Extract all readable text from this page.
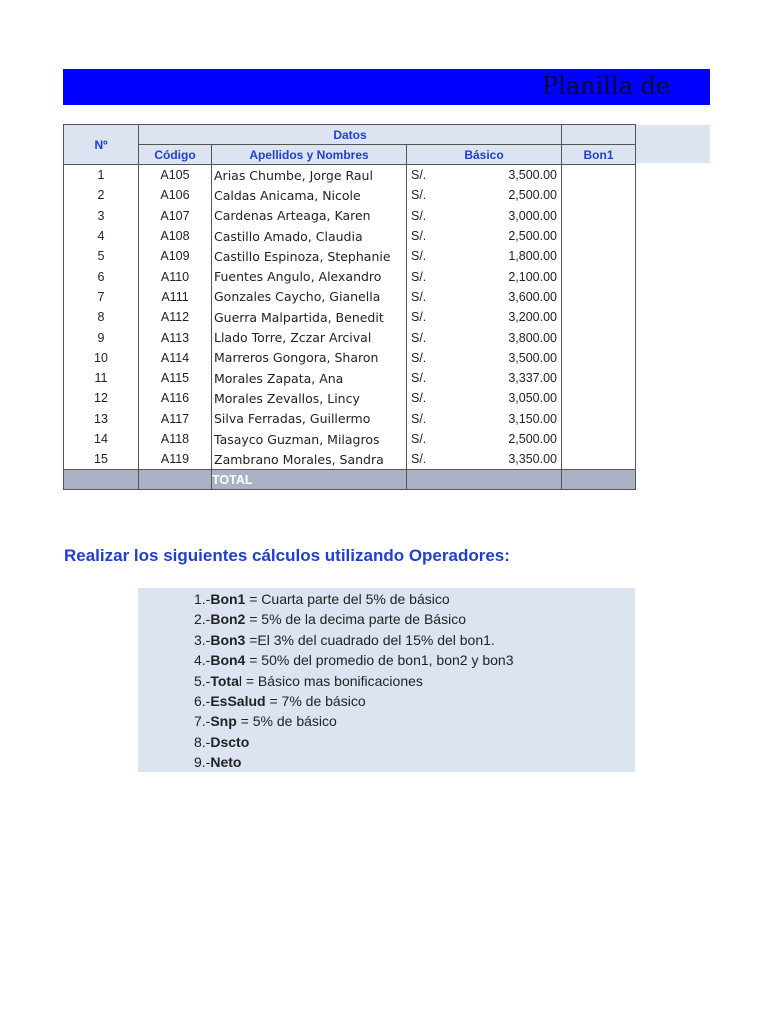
Planilla de
Nº	Datos			
	Código	Apellidos y Nombres	Básico	Bon1
1	A105	Arias Chumbe, Jorge Raul	S/. 3,500.00	

2	A106	Caldas Anicama, Nicole	S/. 2,500.00	

3	A107	Cardenas Arteaga, Karen	S/. 3,000.00	

4	A108	Castillo Amado, Claudia	S/. 2,500.00	

5	A109	Castillo Espinoza, Stephanie	S/. 1,800.00	

6	A110	Fuentes Angulo, Alexandro	S/. 2,100.00	

7	A111	Gonzales Caycho, Gianella	S/. 3,600.00	

8	A112	Guerra Malpartida, Benedit	S/. 3,200.00	

9	A113	Llado Torre, Zczar Arcival	S/. 3,800.00	

10	A114	Marreros Gongora, Sharon	S/. 3,500.00	

11	A115	Morales Zapata, Ana	S/. 3,337.00	

12	A116	Morales Zevallos, Lincy	S/. 3,050.00	

13	A117	Silva Ferradas, Guillermo	S/. 3,150.00	

14	A118	Tasayco Guzman, Milagros	S/. 2,500.00	

15	A119	Zambrano Morales, Sandra	S/. 3,350.00	

		TOTAL		
Realizar los siguientes cálculos utilizando Operadores:
1.-Bon1 = Cuarta parte del 5% de básico
2.-Bon2 = 5% de la decima parte de Básico
3.-Bon3 =El 3% del cuadrado del 15% del bon1.
4.-Bon4 = 50% del promedio de bon1, bon2 y bon3
5.-Total = Básico mas bonificaciones
6.-EsSalud = 7% de básico
7.-Snp = 5% de básico
8.-Dscto
9.-Neto
